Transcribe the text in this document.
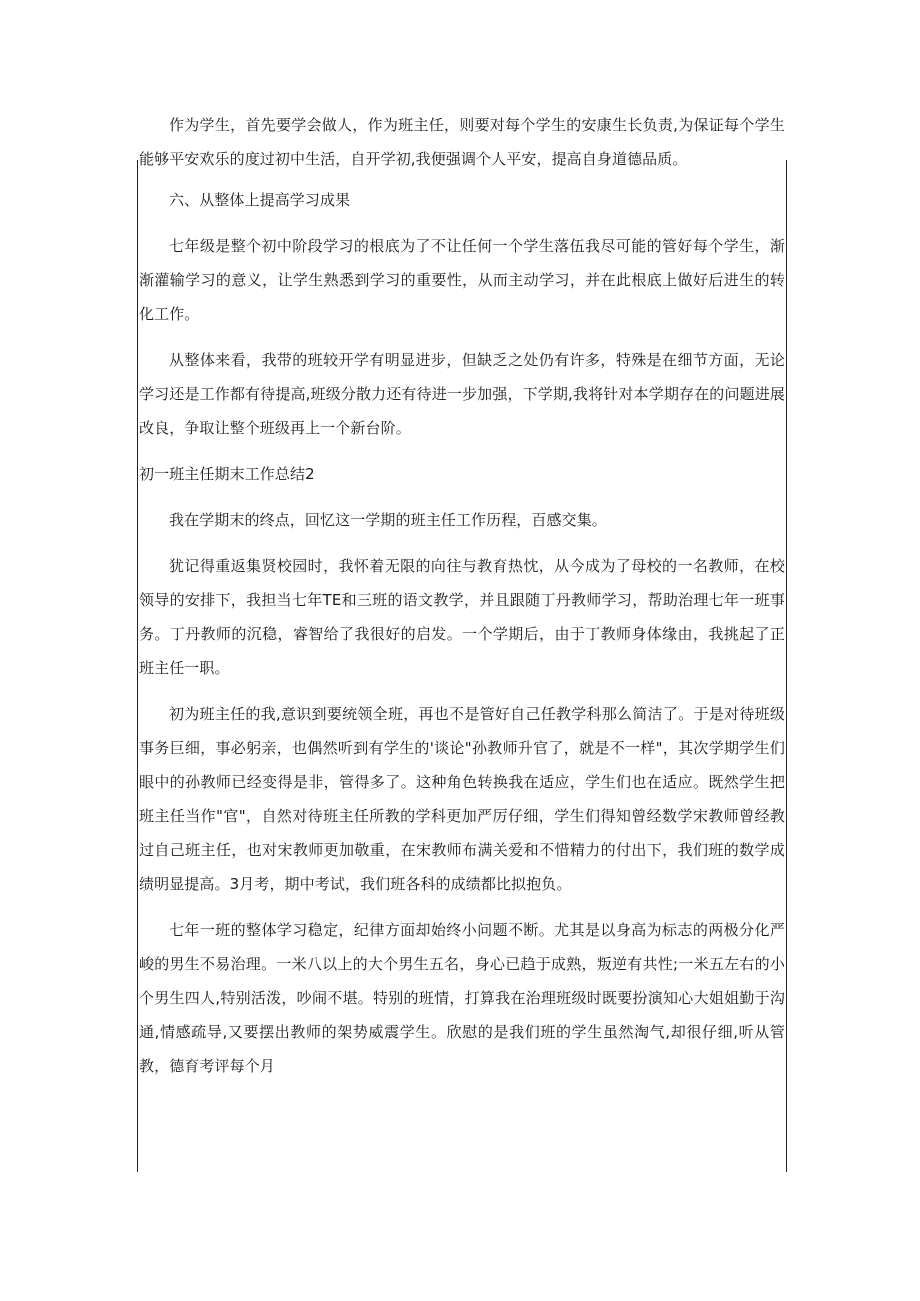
作为学生，首先要学会做人，作为班主任，则要对每个学生的安康生长负责,为保证每个学生能够平安欢乐的度过初中生活，自开学初,我便强调个人平安，提高自身道德品质。

六、从整体上提高学习成果

七年级是整个初中阶段学习的根底为了不让任何一个学生落伍我尽可能的管好每个学生，渐渐灌输学习的意义，让学生熟悉到学习的重要性，从而主动学习，并在此根底上做好后进生的转化工作。

从整体来看，我带的班较开学有明显进步，但缺乏之处仍有许多，特殊是在细节方面，无论学习还是工作都有待提高,班级分散力还有待进一步加强，下学期,我将针对本学期存在的问题进展改良，争取让整个班级再上一个新台阶。

初一班主任期末工作总结2

我在学期末的终点，回忆这一学期的班主任工作历程，百感交集。

犹记得重返集贤校园时，我怀着无限的向往与教育热忱，从今成为了母校的一名教师，在校领导的安排下，我担当七年TE和三班的语文教学，并且跟随丁丹教师学习，帮助治理七年一班事务。丁丹教师的沉稳，睿智给了我很好的启发。一个学期后，由于丁教师身体缘由，我挑起了正班主任一职。

初为班主任的我,意识到要统领全班，再也不是管好自己任教学科那么简洁了。于是对待班级事务巨细，事必躬亲，也偶然听到有学生的'谈论"孙教师升官了，就是不一样"，其次学期学生们眼中的孙教师已经变得是非，管得多了。这种角色转换我在适应，学生们也在适应。既然学生把班主任当作"官"，自然对待班主任所教的学科更加严厉仔细，学生们得知曾经数学宋教师曾经教过自己班主任，也对宋教师更加敬重，在宋教师布满关爱和不惜精力的付出下，我们班的数学成绩明显提高。3月考，期中考试，我们班各科的成绩都比拟抱负。

七年一班的整体学习稳定，纪律方面却始终小问题不断。尤其是以身高为标志的两极分化严峻的男生不易治理。一米八以上的大个男生五名，身心已趋于成熟，叛逆有共性;一米五左右的小个男生四人,特别活泼，吵闹不堪。特别的班情，打算我在治理班级时既要扮演知心大姐姐勤于沟通,情感疏导,又要摆出教师的架势威震学生。欣慰的是我们班的学生虽然淘气,却很仔细,听从管教，德育考评每个月
